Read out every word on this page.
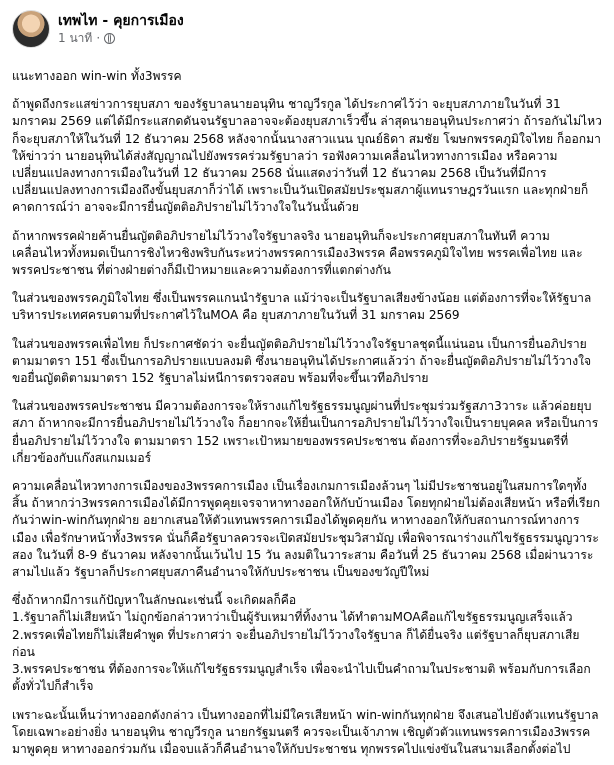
เทพไท - คุยการเมือง
1 นาที ·
แนะทางออก win-win ทั้ง3พรรค

ถ้าพูดถึงกระแสข่าวการยุบสภา ของรัฐบาลนายอนุทิน ชาญวีรกูล ได้ประกาศไว้ว่า จะยุบสภาภายในวันที่ 31 มกราคม 2569 แต่ได้มีกระแสกดดันจนรัฐบาลอาจจะต้องยุบสภาเร็วขึ้น ล่าสุดนายอนุทินประกาศว่า ถ้ารอกันไม่ไหว ก็จะยุบสภาให้ในวันที่ 12 ธันวาคม 2568 หลังจากนั้นนางสาวแนน บุณย์ธิดา สมชัย โฆษกพรรคภูมิใจไทย ก็ออกมาให้ข่าวว่า นายอนุทินได้ส่งสัญญาณไปยังพรรคร่วมรัฐบาลว่า รอฟังความเคลื่อนไหวทางการเมือง หรือความเปลี่ยนแปลงทางการเมืองในวันที่ 12 ธันวาคม 2568 นั่นแสดงว่าวันที่ 12 ธันวาคม 2568 เป็นวันที่มีการเปลี่ยนแปลงทางการเมืองถึงขั้นยุบสภาก็ว่าได้ เพราะเป็นวันเปิดสมัยประชุมสภาผู้แทนราษฎรวันแรก และทุกฝ่ายก็คาดการณ์ว่า อาจจะมีการยื่นญัตติอภิปรายไม่ไว้วางใจในวันนั้นด้วย

ถ้าหากพรรคฝ่ายค้านยื่นญัตติอภิปรายไม่ไว้วางใจรัฐบาลจริง นายอนุทินก็จะประกาศยุบสภาในทันที ความเคลื่อนไหวทั้งหมดเป็นการชิงไหวชิงพริบกันระหว่างพรรคการเมือง3พรรค คือพรรคภูมิใจไทย พรรคเพื่อไทย และพรรคประชาชน ที่ต่างฝ่ายต่างก็มีเป้าหมายและความต้องการที่แตกต่างกัน

ในส่วนของพรรคภูมิใจไทย ซึ่งเป็นพรรคแกนนำรัฐบาล แม้ว่าจะเป็นรัฐบาลเสียงข้างน้อย แต่ต้องการที่จะให้รัฐบาลบริหารประเทศครบตามที่ประกาศไว้ในMOA คือ ยุบสภาภายในวันที่ 31 มกราคม 2569

ในส่วนของพรรคเพื่อไทย ก็ประกาศชัดว่า จะยื่นญัตติอภิปรายไม่ไว้วางใจรัฐบาลชุดนี้แน่นอน เป็นการยื่นอภิปรายตามมาตรา 151 ซึ่งเป็นการอภิปรายแบบลงมติ ซึ่งนายอนุทินได้ประกาศแล้วว่า ถ้าจะยื่นญัตติอภิปรายไม่ไว้วางใจ ขอยื่นญัตติตามมาตรา 152 รัฐบาลไม่หนีการตรวจสอบ พร้อมที่จะขึ้นเวทีอภิปราย

ในส่วนของพรรคประชาชน มีความต้องการจะให้รางแก้ไขรัฐธรรมนูญผ่านที่ประชุมร่วมรัฐสภา3วาระ แล้วค่อยยุบสภา ถ้าหากจะมีการยื่นอภิปรายไม่ไว้วางใจ ก็อยากจะให้ยื่นเป็นการอภิปรายไม่ไว้วางใจเป็นรายบุคคล หรือเป็นการยื่นอภิปรายไม่ไว้วางใจ ตามมาตรา 152 เพราะเป้าหมายของพรรคประชาชน ต้องการที่จะอภิปรายรัฐมนตรีที่เกี่ยวข้องกับแก๊งสแกมเมอร์

ความเคลื่อนไหวทางการเมืองของ3พรรคการเมือง เป็นเรื่องเกมการเมืองล้วนๆ ไม่มีประชาชนอยู่ในสมการใดๆทั้งสิ้น ถ้าหากว่า3พรรคการเมืองได้มีการพูดคุยเจรจาหาทางออกให้กับบ้านเมือง โดยทุกฝ่ายไม่ต้องเสียหน้า หรือที่เรียกกันว่าwin-winกันทุกฝ่าย อยากเสนอให้ตัวแทนพรรคการเมืองได้พูดคุยกัน หาทางออกให้กับสถานการณ์ทางการเมือง เพื่อรักษาหน้าทั้ง3พรรค นั่นก็คือรัฐบาลควรจะเปิดสมัยประชุมวิสามัญ เพื่อพิจารณาร่างแก้ไขรัฐธรรมนูญวาระสอง ในวันที่ 8-9 ธันวาคม หลังจากนั้นเว้นไป 15 วัน ลงมติในวาระสาม คือวันที่ 25 ธันวาคม 2568 เมื่อผ่านวาระสามไปแล้ว รัฐบาลก็ประกาศยุบสภาคืนอำนาจให้กับประชาชน เป็นของขวัญปีใหม่

ซึ่งถ้าหากมีการแก้ปัญหาในลักษณะเช่นนี้ จะเกิดผลก็คือ
1.รัฐบาลก็ไม่เสียหน้า ไม่ถูกข้อกล่าวหาว่าเป็นผู้รับเหมาที่ทิ้งงาน ได้ทำตามMOAคือแก้ไขรัฐธรรมนูญเสร็จแล้ว
2.พรรคเพื่อไทยก็ไม่เสียคำพูด ที่ประกาศว่า จะยื่นอภิปรายไม่ไว้วางใจรัฐบาล ก็ได้ยื่นจริง แต่รัฐบาลก็ยุบสภาเสียก่อน
3.พรรคประชาชน ที่ต้องการจะให้แก้ไขรัฐธรรมนูญสำเร็จ เพื่อจะนำไปเป็นคำถามในประชามติ พร้อมกับการเลือกตั้งทั่วไปก็สำเร็จ

เพราะฉะนั้นเห็นว่าทางออกดังกล่าว เป็นทางออกที่ไม่มีใครเสียหน้า win-winกันทุกฝ่าย จึงเสนอไปยังตัวแทนรัฐบาลโดยเฉพาะอย่างยิ่ง นายอนุทิน ชาญวีรกูล นายกรัฐมนตรี ควรจะเป็นเจ้าภาพ เชิญตัวตัวแทนพรรคการเมือง3พรรคมาพูดคุย หาทางออกร่วมกัน เมื่อจบแล้วก็คืนอำนาจให้กับประชาชน ทุกพรรคไปแข่งขันในสนามเลือกตั้งต่อไป
